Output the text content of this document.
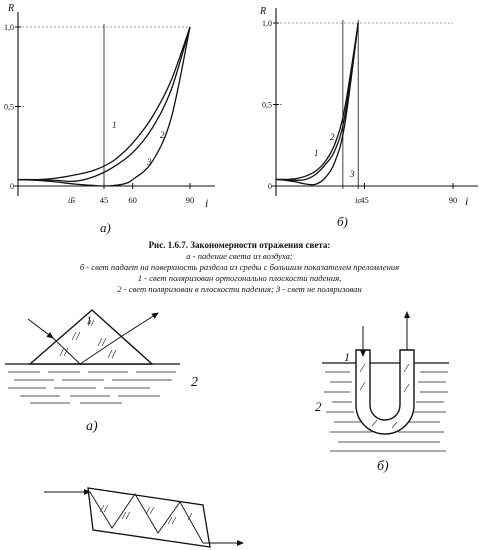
0
0,5
1,0
45 60	90
iБ
1
2
3
R
i
а)
0
0,5
1,0
45	90
iс
1
2
3
R
i
б)
1
2
а)
1
2
б)
Рис. 1.6.7. Закономерности отражения света:
а - падение света из воздуха;
б - свет падает на поверхность раздела из среды с большим показателем преломления
1 - свет поляризован ортогонально плоскости падения,
2 - свет поляризован в плоскости падения; 3 - свет не поляризован
